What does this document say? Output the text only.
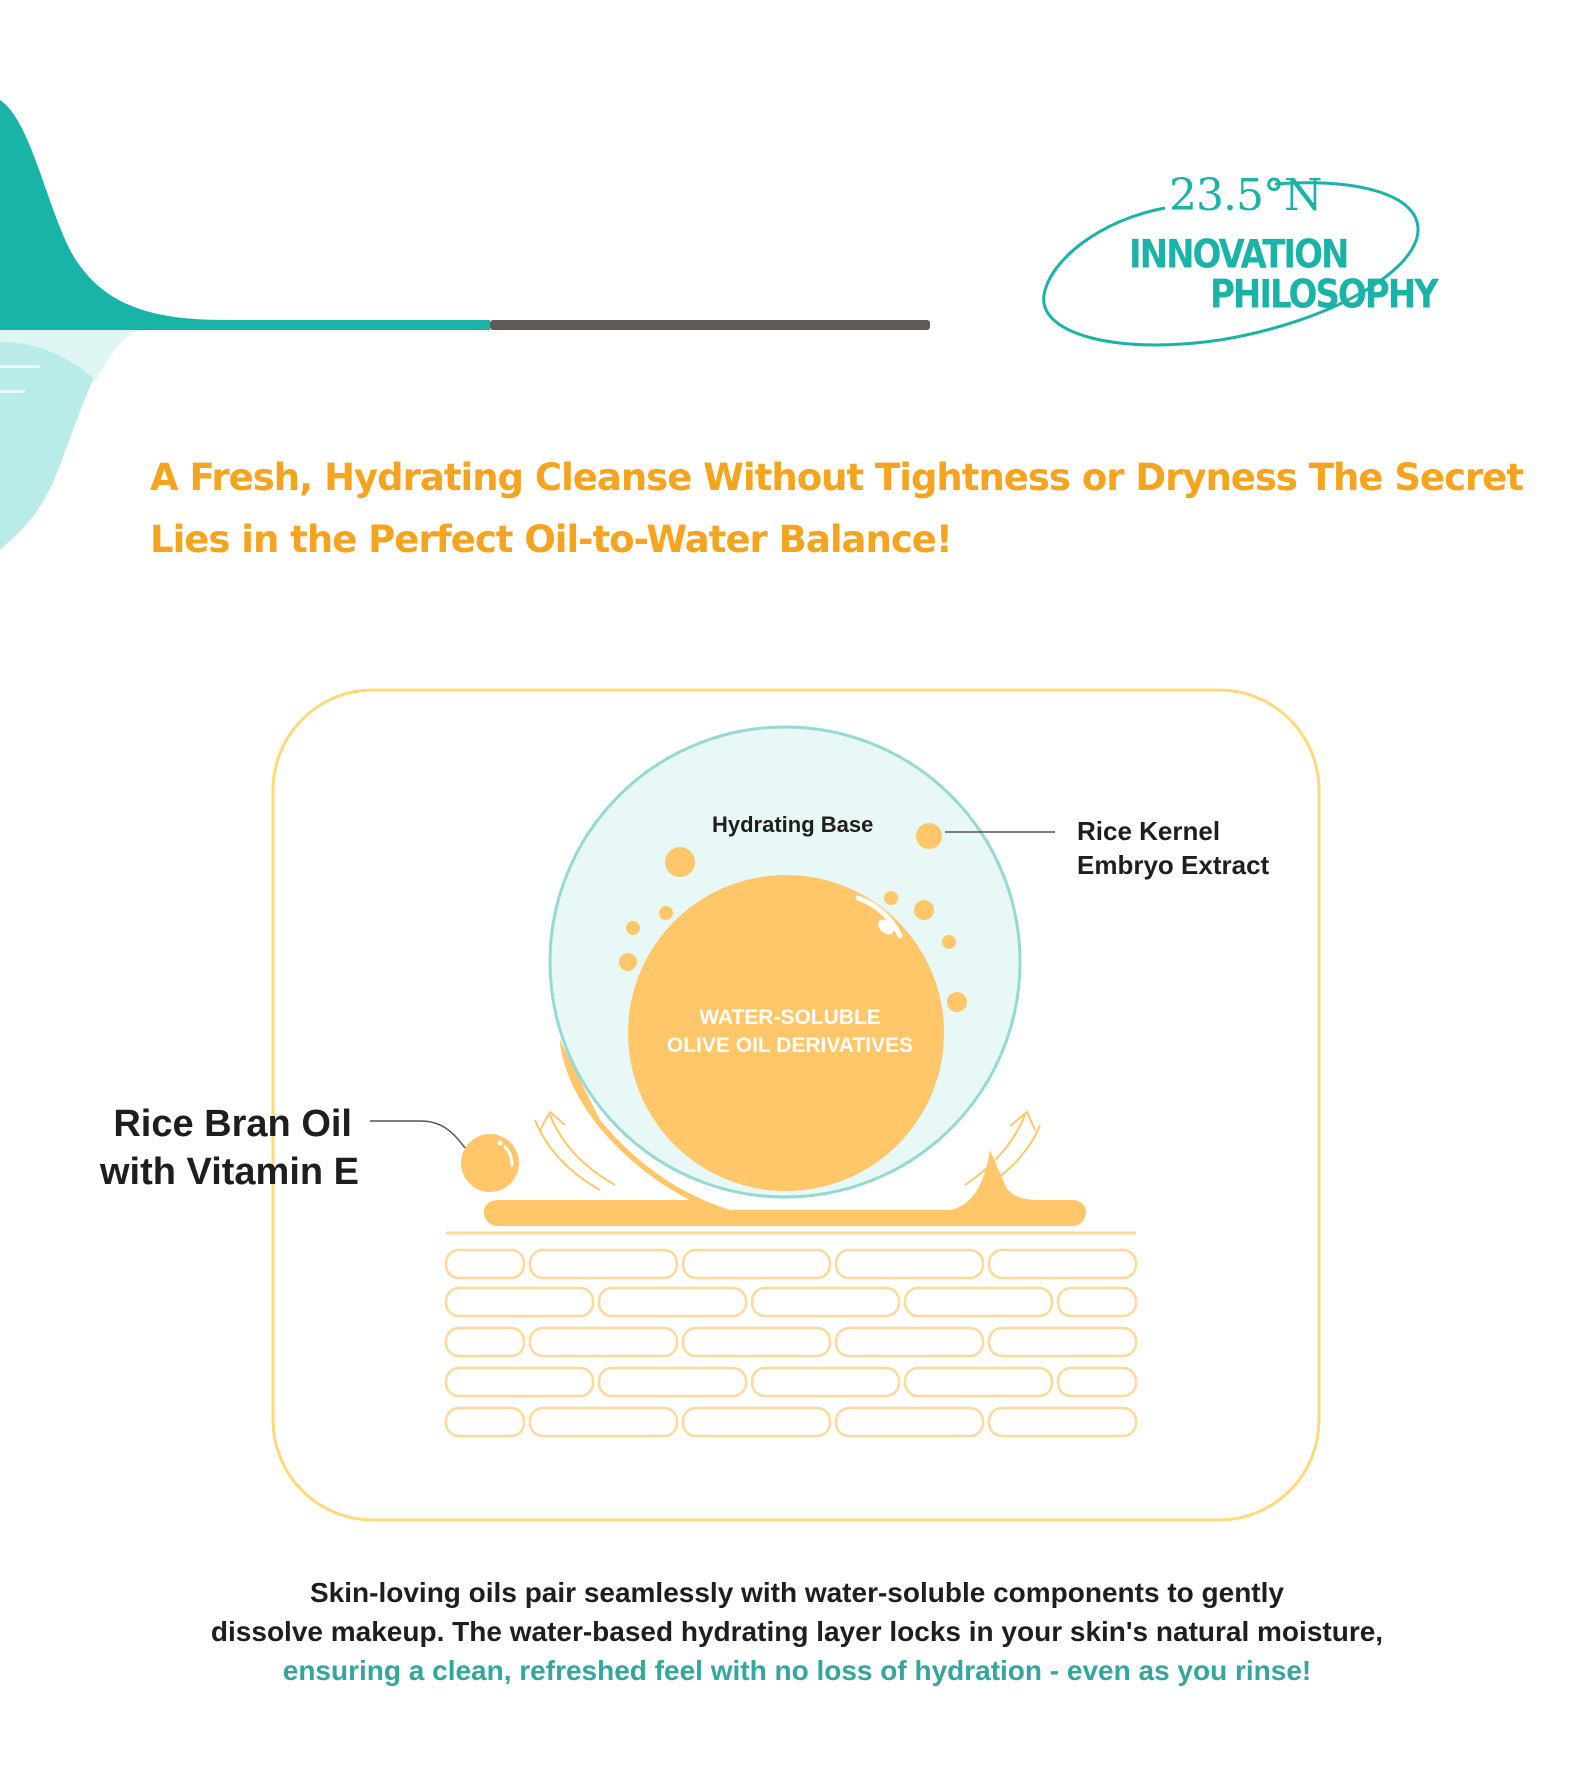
23.5°N
INNOVATION
PHILOSOPHY
A Fresh, Hydrating Cleanse Without Tightness or Dryness The Secret
Lies in the Perfect Oil-to-Water Balance!
Hydrating Base	Rice Kernel
Embryo Extract
Rice Bran Oil
with Vitamin E
WATER-SOLUBLE
OLIVE OIL DERIVATIVES
Skin-loving oils pair seamlessly with water-soluble components to gently
dissolve makeup. The water-based hydrating layer locks in your skin's natural moisture,
ensuring a clean, refreshed feel with no loss of hydration - even as you rinse!
